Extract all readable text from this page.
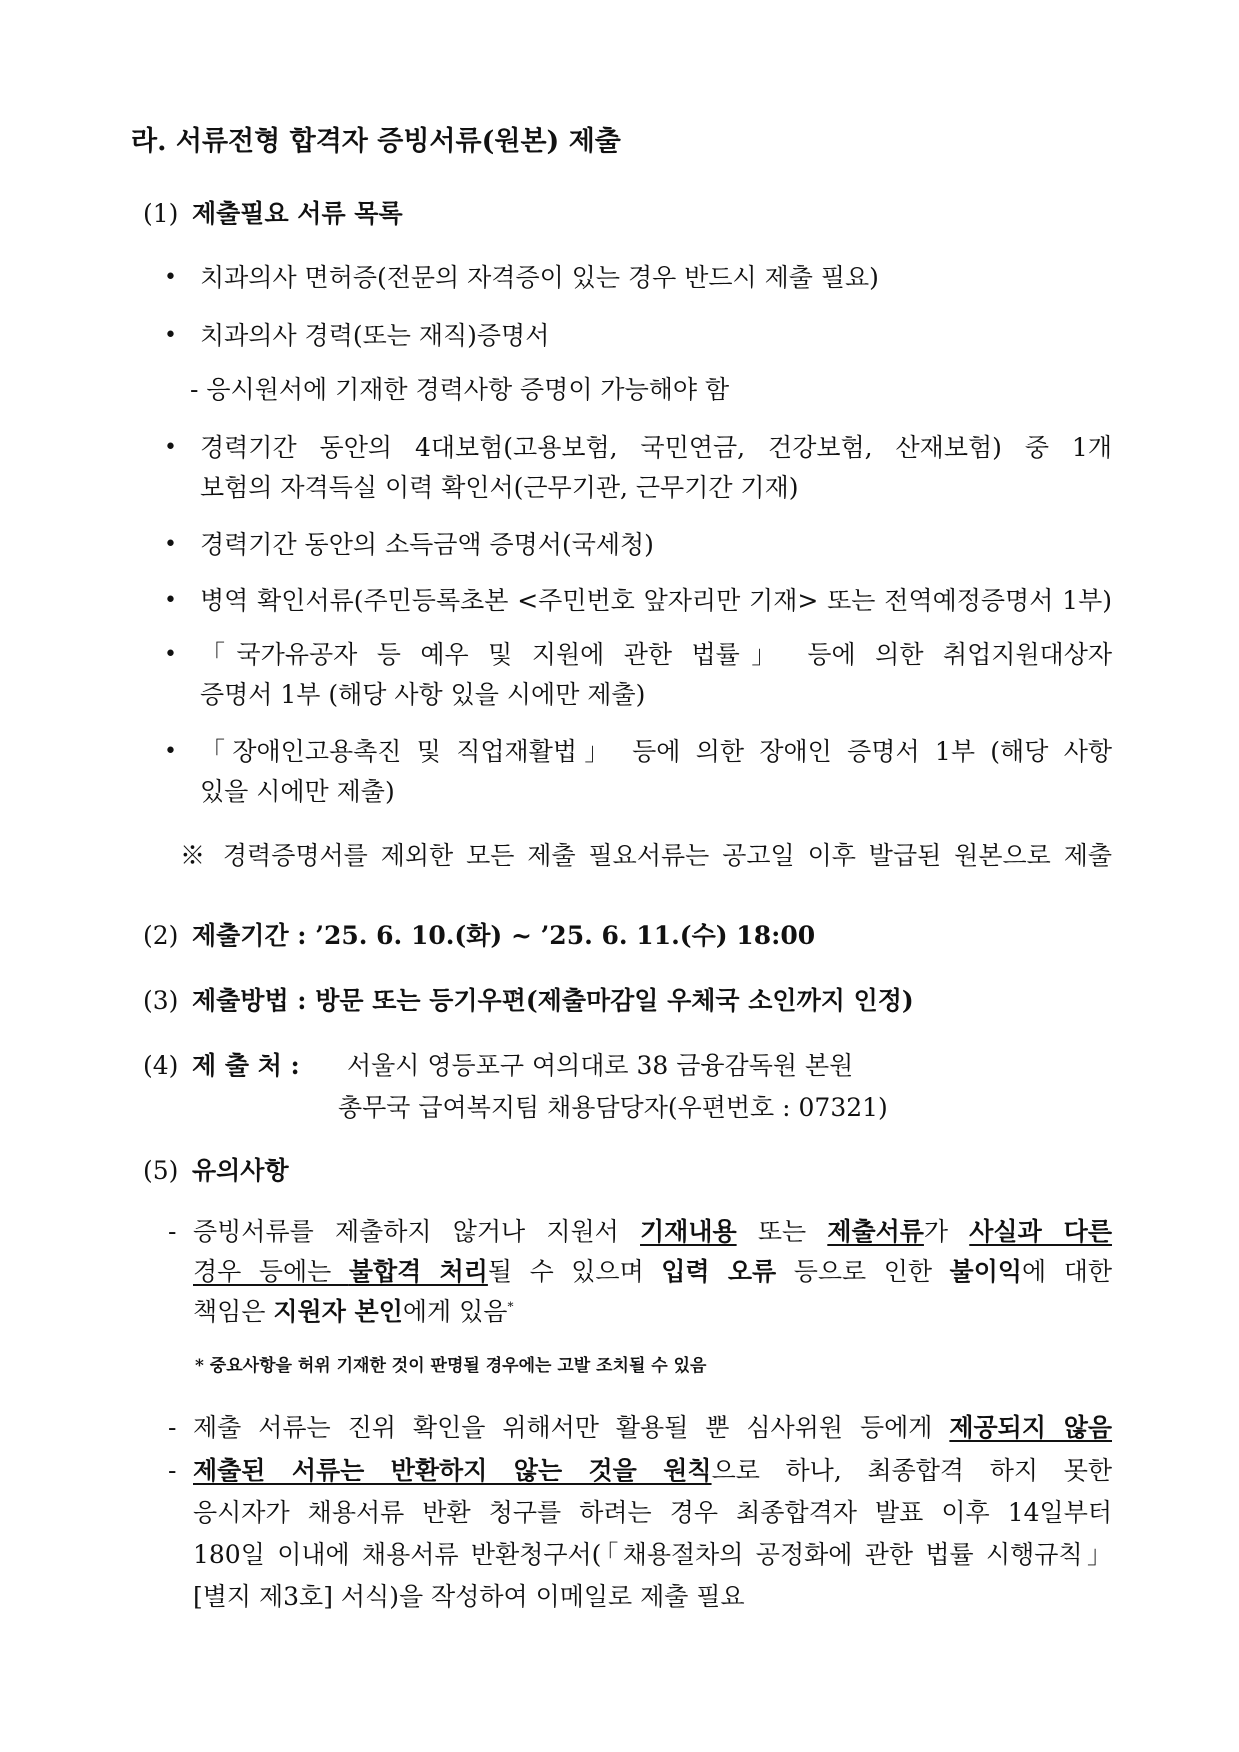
라. 서류전형 합격자 증빙서류(원본) 제출
(1) 제출필요 서류 목록
• 치과의사 면허증(전문의 자격증이 있는 경우 반드시 제출 필요)
• 치과의사 경력(또는 재직)증명서
- 응시원서에 기재한 경력사항 증명이 가능해야 함
• 경력기간 동안의 4대보험(고용보험, 국민연금, 건강보험, 산재보험) 중 1개
보험의 자격득실 이력 확인서(근무기관, 근무기간 기재)
• 경력기간 동안의 소득금액 증명서(국세청)
• 병역 확인서류(주민등록초본 <주민번호 앞자리만 기재> 또는 전역예정증명서 1부)
• 「국가유공자 등 예우 및 지원에 관한 법률」 등에 의한 취업지원대상자
증명서 1부 (해당 사항 있을 시에만 제출)
• 「장애인고용촉진 및 직업재활법」 등에 의한 장애인 증명서 1부 (해당 사항
있을 시에만 제출)
※ 경력증명서를 제외한 모든 제출 필요서류는 공고일 이후 발급된 원본으로 제출
(2) 제출기간 : ’25. 6. 10.(화) ~ ’25. 6. 11.(수) 18:00
(3) 제출방법 : 방문 또는 등기우편(제출마감일 우체국 소인까지 인정)
(4) 제 출 처 : 서울시 영등포구 여의대로 38 금융감독원 본원
총무국 급여복지팀 채용담당자(우편번호 : 07321)
(5) 유의사항
- 증빙서류를 제출하지 않거나 지원서 기재내용 또는 제출서류가 사실과 다른
경우 등에는 불합격 처리될 수 있으며 입력 오류 등으로 인한 불이익에 대한
책임은 지원자 본인에게 있음*
* 중요사항을 허위 기재한 것이 판명될 경우에는 고발 조치될 수 있음
- 제출 서류는 진위 확인을 위해서만 활용될 뿐 심사위원 등에게 제공되지 않음
- 제출된 서류는 반환하지 않는 것을 원칙으로 하나, 최종합격 하지 못한
응시자가 채용서류 반환 청구를 하려는 경우 최종합격자 발표 이후 14일부터
180일 이내에 채용서류 반환청구서(「채용절차의 공정화에 관한 법률 시행규칙」
[별지 제3호] 서식)을 작성하여 이메일로 제출 필요
